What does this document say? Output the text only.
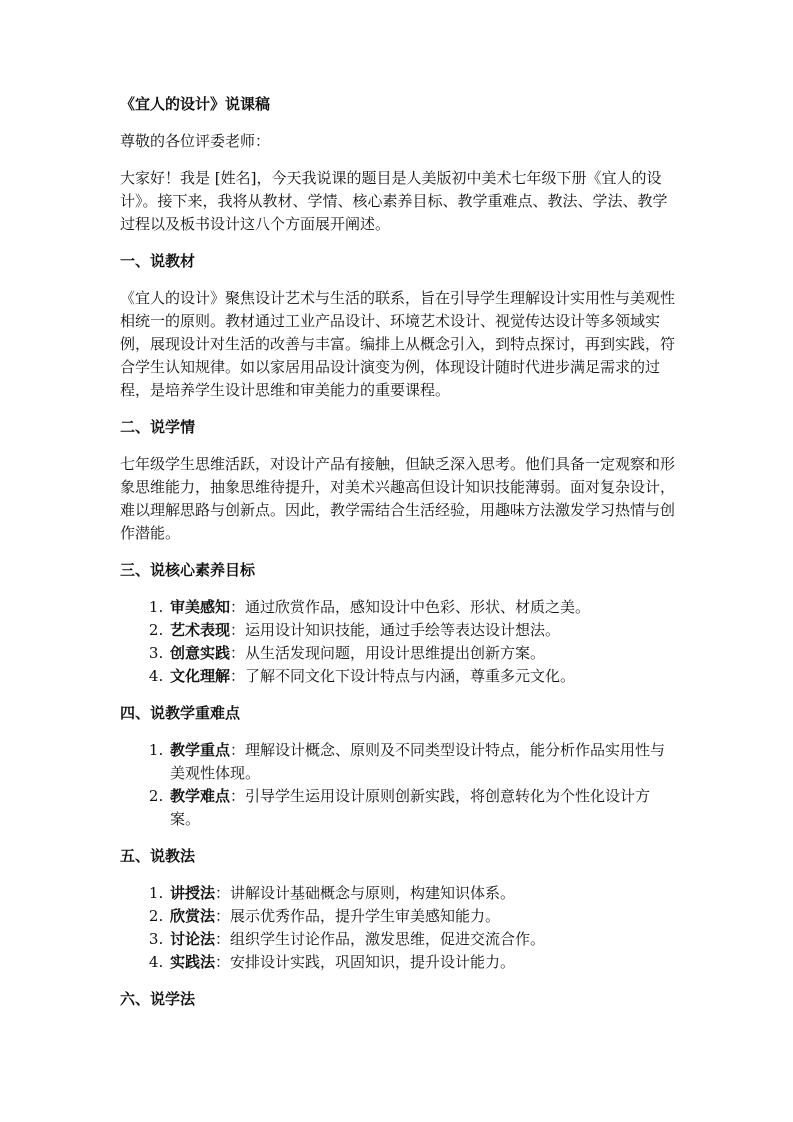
《宜人的设计》说课稿

尊敬的各位评委老师：

大家好！我是 [姓名]，今天我说课的题目是人美版初中美术七年级下册《宜人的设计》。接下来，我将从教材、学情、核心素养目标、教学重难点、教法、学法、教学过程以及板书设计这八个方面展开阐述。

一、说教材

《宜人的设计》聚焦设计艺术与生活的联系，旨在引导学生理解设计实用性与美观性相统一的原则。教材通过工业产品设计、环境艺术设计、视觉传达设计等多领域实例，展现设计对生活的改善与丰富。编排上从概念引入，到特点探讨，再到实践，符合学生认知规律。如以家居用品设计演变为例，体现设计随时代进步满足需求的过程，是培养学生设计思维和审美能力的重要课程。

二、说学情

七年级学生思维活跃，对设计产品有接触，但缺乏深入思考。他们具备一定观察和形象思维能力，抽象思维待提升，对美术兴趣高但设计知识技能薄弱。面对复杂设计，难以理解思路与创新点。因此，教学需结合生活经验，用趣味方法激发学习热情与创作潜能。

三、说核心素养目标
1. 审美感知：通过欣赏作品，感知设计中色彩、形状、材质之美。
2. 艺术表现：运用设计知识技能，通过手绘等表达设计想法。
3. 创意实践：从生活发现问题，用设计思维提出创新方案。
4. 文化理解：了解不同文化下设计特点与内涵，尊重多元文化。
四、说教学重难点
1. 教学重点：理解设计概念、原则及不同类型设计特点，能分析作品实用性与美观性体现。
2. 教学难点：引导学生运用设计原则创新实践，将创意转化为个性化设计方案。
五、说教法
1. 讲授法：讲解设计基础概念与原则，构建知识体系。
2. 欣赏法：展示优秀作品，提升学生审美感知能力。
3. 讨论法：组织学生讨论作品，激发思维，促进交流合作。
4. 实践法：安排设计实践，巩固知识，提升设计能力。
六、说学法
